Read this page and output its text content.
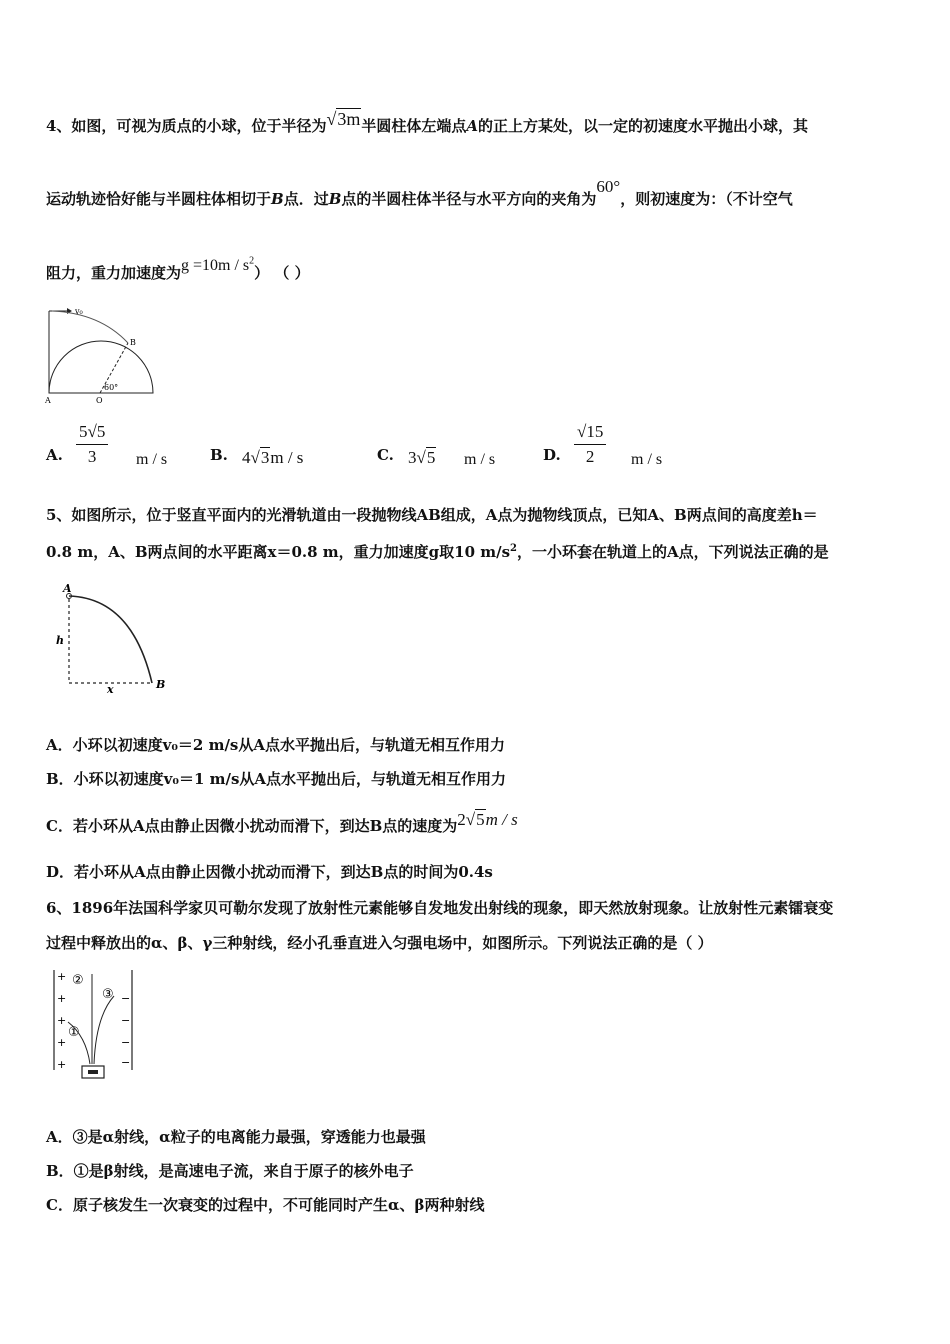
4、如图，可视为质点的小球，位于半径为√3m半圆柱体左端点A的正上方某处，以一定的初速度水平抛出小球，其
运动轨迹恰好能与半圆柱体相切于B点．过B点的半圆柱体半径与水平方向的夹角为60°，则初速度为：（不计空气
阻力，重力加速度为$g =10m / s^2$） （ ）
v₀
B
60°
A	O
A. $\frac{5√5}{3}$ m / s	B. 4√3m / s	C. 3√5 m / s	D. $\frac{√15}{2}$ m / s
5、如图所示，位于竖直平面内的光滑轨道由一段抛物线AB组成，A点为抛物线顶点，已知A、B两点间的高度差h＝
0.8 m，A、B两点间的水平距离x＝0.8 m，重力加速度g取10 $m/s^2$，一小环套在轨道上的A点，下列说法正确的是
A
h
x	B
A．小环以初速度v₀＝2 m/s从A点水平抛出后，与轨道无相互作用力
B．小环以初速度v₀＝1 m/s从A点水平抛出后，与轨道无相互作用力
C．若小环从A点由静止因微小扰动而滑下，到达B点的速度为2√5m / s
D．若小环从A点由静止因微小扰动而滑下，到达B点的时间为0.4s
6、1896年法国科学家贝可勒尔发现了放射性元素能够自发地发出射线的现象，即天然放射现象。让放射性元素镭衰变
过程中释放出的α、β、γ三种射线，经小孔垂直进入匀强电场中，如图所示。下列说法正确的是（ ）
+
+
+
+
+
−
−
−
−
①
②
③
A．③是α射线，α粒子的电离能力最强，穿透能力也最强
B．①是β射线，是高速电子流，来自于原子的核外电子
C．原子核发生一次衰变的过程中，不可能同时产生α、β两种射线
